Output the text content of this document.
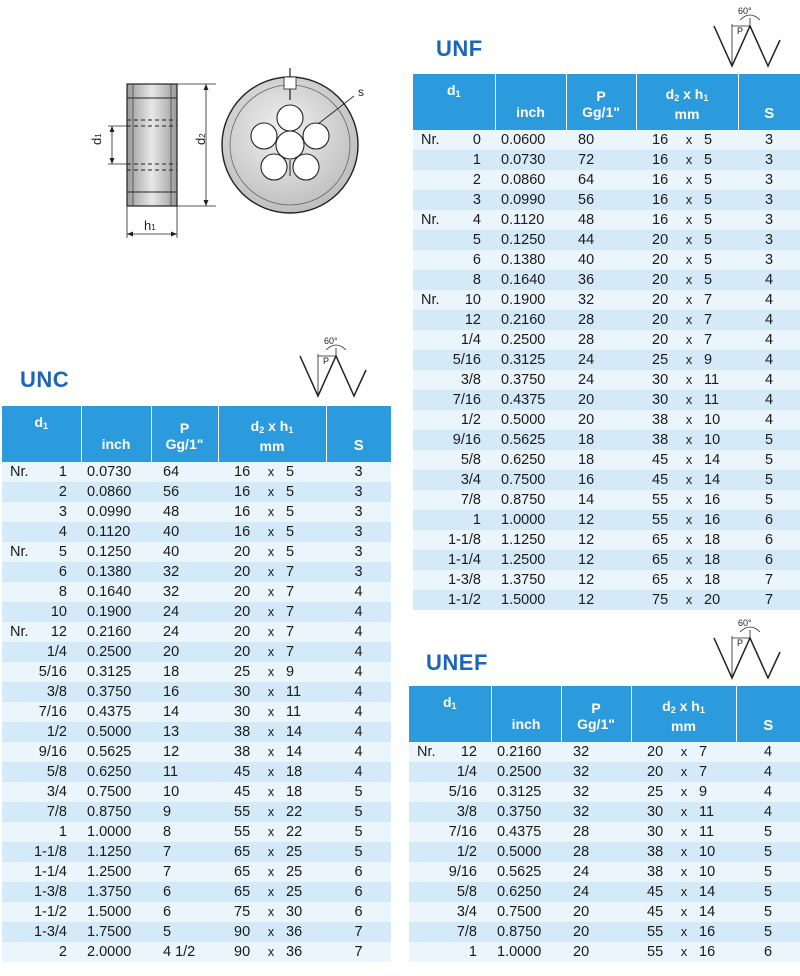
d1
h1
d2
s
60°
P
60°
P
60°
P
UNF
UNC
UNEF
$d_1$	inch	P
Gg/1"	$d_2$ x $h_1$
mm	S

Nr. 0	0.0600	80	16 x 5	3

1	0.0730	72	16 x 5	3

2	0.0860	64	16 x 5	3

3	0.0990	56	16 x 5	3

Nr. 4	0.1120	48	16 x 5	3

5	0.1250	44	20 x 5	3

6	0.1380	40	20 x 5	3

8	0.1640	36	20 x 5	4

Nr. 10	0.1900	32	20 x 7	4

12	0.2160	28	20 x 7	4

1/4	0.2500	28	20 x 7	4

5/16	0.3125	24	25 x 9	4

3/8	0.3750	24	30 x 11	4

7/16	0.4375	20	30 x 11	4

1/2	0.5000	20	38 x 10	4

9/16	0.5625	18	38 x 10	5

5/8	0.6250	18	45 x 14	5

3/4	0.7500	16	45 x 14	5

7/8	0.8750	14	55 x 16	5

1	1.0000	12	55 x 16	6

1-1/8	1.1250	12	65 x 18	6

1-1/4	1.2500	12	65 x 18	6

1-3/8	1.3750	12	65 x 18	7

1-1/2	1.5000	12	75 x 20	7
$d_1$	inch	P
Gg/1"	$d_2$ x $h_1$
mm	S

Nr. 1	0.0730	64	16 x 5	3

2	0.0860	56	16 x 5	3

3	0.0990	48	16 x 5	3

4	0.1120	40	16 x 5	3

Nr. 5	0.1250	40	20 x 5	3

6	0.1380	32	20 x 7	3

8	0.1640	32	20 x 7	4

10	0.1900	24	20 x 7	4

Nr. 12	0.2160	24	20 x 7	4

1/4	0.2500	20	20 x 7	4

5/16	0.3125	18	25 x 9	4

3/8	0.3750	16	30 x 11	4

7/16	0.4375	14	30 x 11	4

1/2	0.5000	13	38 x 14	4

9/16	0.5625	12	38 x 14	4

5/8	0.6250	11	45 x 18	4

3/4	0.7500	10	45 x 18	5

7/8	0.8750	9	55 x 22	5

1	1.0000	8	55 x 22	5

1-1/8	1.1250	7	65 x 25	5

1-1/4	1.2500	7	65 x 25	6

1-3/8	1.3750	6	65 x 25	6

1-1/2	1.5000	6	75 x 30	6

1-3/4	1.7500	5	90 x 36	7

2	2.0000	4 1/2	90 x 36	7
$d_1$	inch	P
Gg/1"	$d_2$ x $h_1$
mm	S

Nr. 12	0.2160	32	20 x 7	4

1/4	0.2500	32	20 x 7	4

5/16	0.3125	32	25 x 9	4

3/8	0.3750	32	30 x 11	4

7/16	0.4375	28	30 x 11	5

1/2	0.5000	28	38 x 10	5

9/16	0.5625	24	38 x 10	5

5/8	0.6250	24	45 x 14	5

3/4	0.7500	20	45 x 14	5

7/8	0.8750	20	55 x 16	5

1	1.0000	20	55 x 16	6
